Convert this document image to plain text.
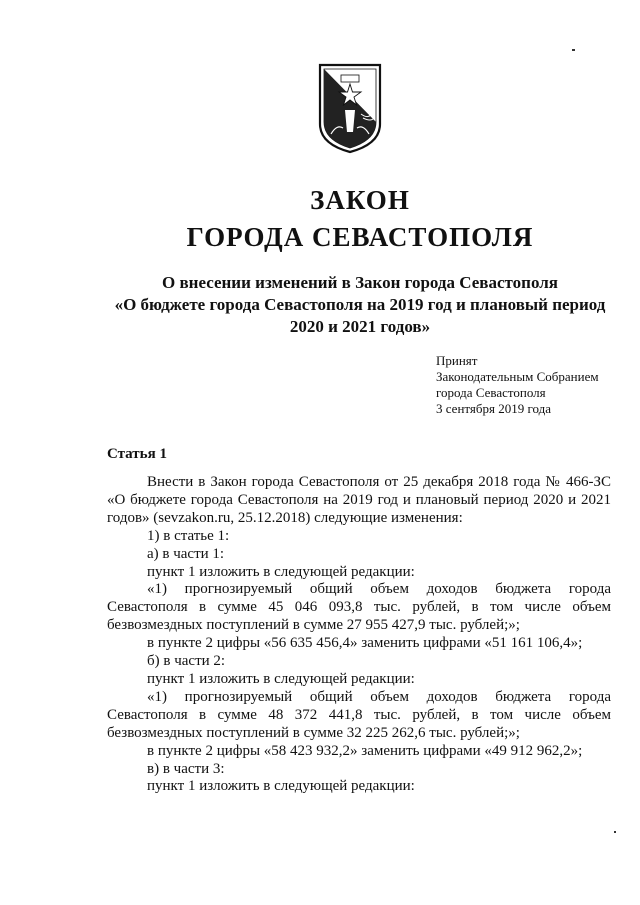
ЗАКОН
ГОРОДА СЕВАСТОПОЛЯ
О внесении изменений в Закон города Севастополя
«О бюджете города Севастополя на 2019 год и плановый период
2020 и 2021 годов»
Принят
Законодательным Собранием
города Севастополя
3 сентября 2019 года
Статья 1

Внести в Закон города Севастополя от 25 декабря 2018 года № 466-ЗС «О бюджете города Севастополя на 2019 год и плановый период 2020 и 2021 годов» (sevzakon.ru, 25.12.2018) следующие изменения:

1) в статье 1:

а) в части 1:

пункт 1 изложить в следующей редакции:

«1) прогнозируемый общий объем доходов бюджета города Севастополя в сумме 45 046 093,8 тыс. рублей, в том числе объем безвозмездных поступлений в сумме 27 955 427,9 тыс. рублей;»;

в пункте 2 цифры «56 635 456,4» заменить цифрами «51 161 106,4»;

б) в части 2:

пункт 1 изложить в следующей редакции:

«1) прогнозируемый общий объем доходов бюджета города Севастополя в сумме 48 372 441,8 тыс. рублей, в том числе объем безвозмездных поступлений в сумме 32 225 262,6 тыс. рублей;»;

в пункте 2 цифры «58 423 932,2» заменить цифрами «49 912 962,2»;

в) в части 3:

пункт 1 изложить в следующей редакции:
